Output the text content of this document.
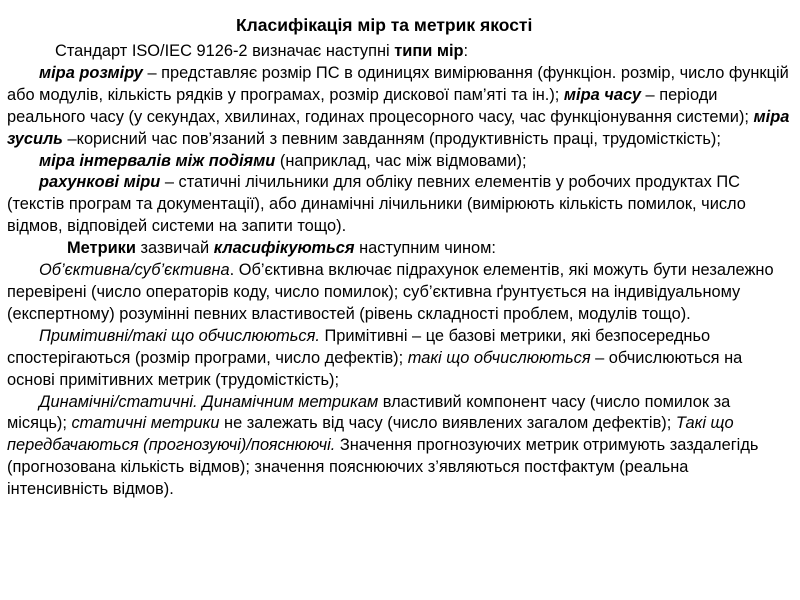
Класифікація мір та метрик якості

Стандарт ISO/IEC 9126-2 визначає наступні типи мір:

міра розміру – представляє розмір ПС в одиницях вимірювання (функціон. розмір, число функцій або модулів, кількість рядків у програмах, розмір дискової пам’яті та ін.); міра часу – періоди реального часу (у секундах, хвилинах, годинах процесорного часу, час функціонування системи); міра зусиль –корисний час пов’язаний з певним завданням (продуктивність праці, трудомісткість);

міра інтервалів між подіями (наприклад, час між відмовами);

рахункові міри – статичні лічильники для обліку певних елементів у робочих продуктах ПС (текстів програм та документації), або динамічні лічильники (вимірюють кількість помилок, число відмов, відповідей системи на запити тощо).

Метрики зазвичай класифікуються наступним чином:

Об’єктивна/суб’єктивна. Об’єктивна включає підрахунок елементів, які можуть бути незалежно перевірені (число операторів коду, число помилок); суб’єктивна ґрунтується на індивідуальному (експертному) розумінні певних властивостей (рівень складності проблем, модулів тощо).

Примітивні/такі що обчислюються. Примітивні – це базові метрики, які безпосередньо спостерігаються (розмір програми, число дефектів); такі що обчислюються – обчислюються на основі примітивних метрик (трудомісткість);

Динамічні/статичні. Динамічним метрикам властивий компонент часу (число помилок за місяць); статичні метрики не залежать від часу (число виявлених загалом дефектів); Такі що передбачаються (прогнозуючі)/пояснюючі. Значення прогнозуючих метрик отримують заздалегідь (прогнозована кількість відмов); значення пояснюючих з’являються постфактум (реальна інтенсивність відмов).
